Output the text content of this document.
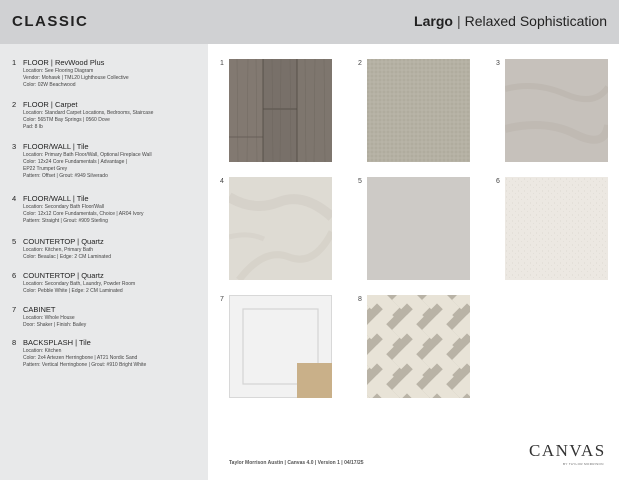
CLASSIC	Largo | Relaxed Sophistication
1 FLOOR | RevWood Plus
Location: See Flooring Diagram
Vendor: Mohawk | TML20 Lighthouse Collective
Color: 02W Beachwood
2 FLOOR | Carpet
Location: Standard Carpet Locations, Bedrooms, Staircase
Color: 565TM Bay Springs | 0560 Dove
Pad: 8 lb
3 FLOOR/WALL | Tile
Location: Primary Bath Floor/Wall, Optional Fireplace Wall
Color: 12x24 Core Fundamentals | Advantage |
EP22 Trumpet Grey
Pattern: Offset | Grout: #949 Silverado
4 FLOOR/WALL | Tile
Location: Secondary Bath Floor/Wall
Color: 12x12 Core Fundamentals, Choice | AR04 Ivory
Pattern: Straight | Grout: #909 Sterling
5 COUNTERTOP | Quartz
Location: Kitchen, Primary Bath
Color: Beaulac | Edge: 2 CM Laminated
6 COUNTERTOP | Quartz
Location: Secondary Bath, Laundry, Powder Room
Color: Pebble White | Edge: 2 CM Laminated
7 CABINET
Location: Whole House
Door: Shaker | Finish: Bailey
8 BACKSPLASH | Tile
Location: Kitchen
Color: 2x4 Artezen Herringbone | AT21 Nordic Sand
Pattern: Vertical Herringbone | Grout: #910 Bright White
1	2	3
4	5	6
7	8
Taylor Morrison Austin | Canvas 4.0 | Version 1 | 04/17/25
CANVAS
BY TAYLOR MORRISON
